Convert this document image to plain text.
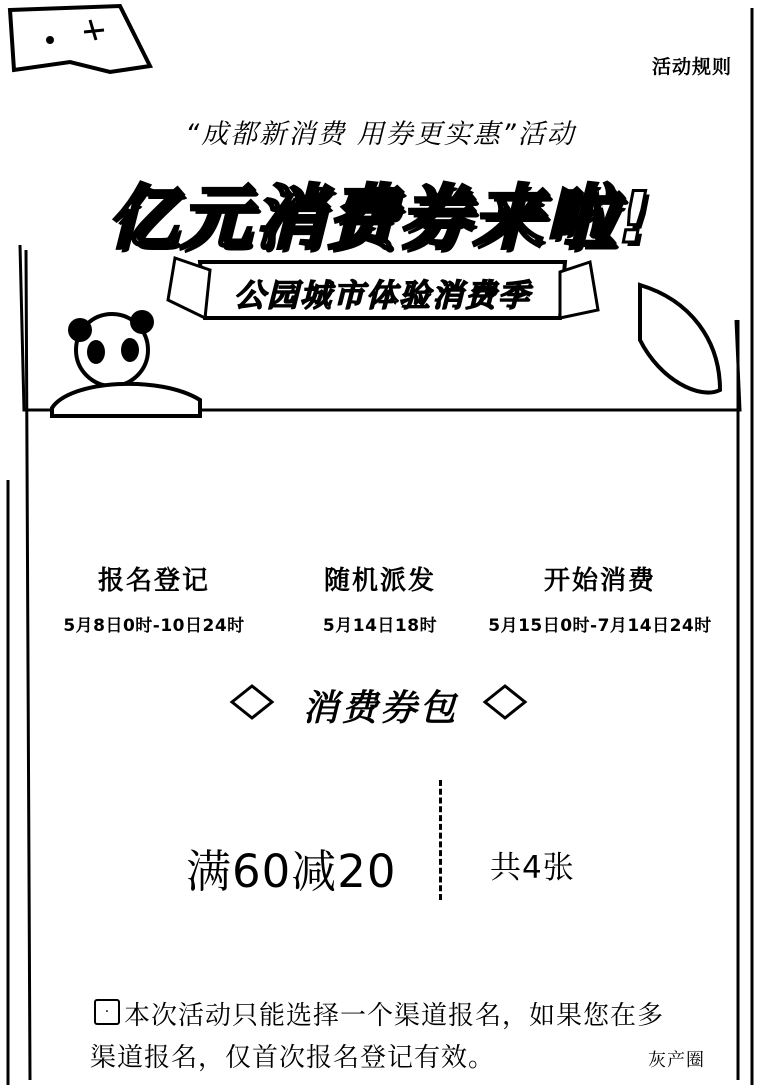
活动规则
“成都新消费 用券更实惠”活动
亿元消费券来啦!
公园城市体验消费季
报名登记
5月8日0时-10日24时
随机派发
5月14日18时
开始消费
5月15日0时-7月14日24时
消费券包
满60减20	共4张
· 本次活动只能选择一个渠道报名，如果您在多渠道报名，仅首次报名登记有效。	灰产圈
